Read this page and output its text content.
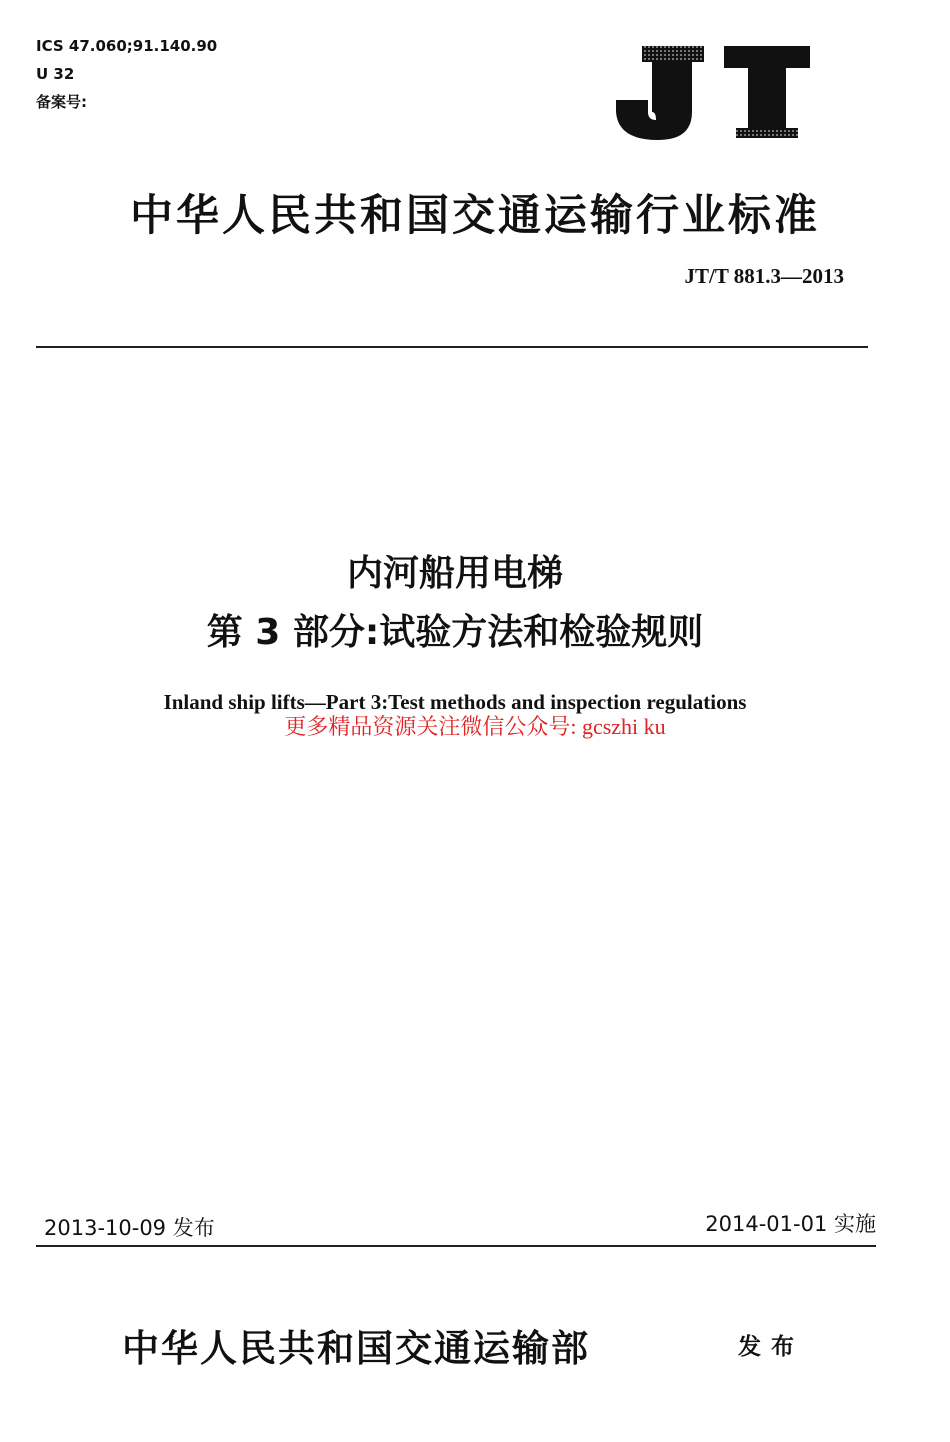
ICS 47.060;91.140.90
U 32
备案号:
中华人民共和国交通运输行业标准
JT/T 881.3—2013
内河船用电梯
第 3 部分:试验方法和检验规则
Inland ship lifts—Part 3:Test methods and inspection regulations
更多精品资源关注微信公众号: gcszhi ku
2013-10-09 发布	2014-01-01 实施
中华人民共和国交通运输部	发布
